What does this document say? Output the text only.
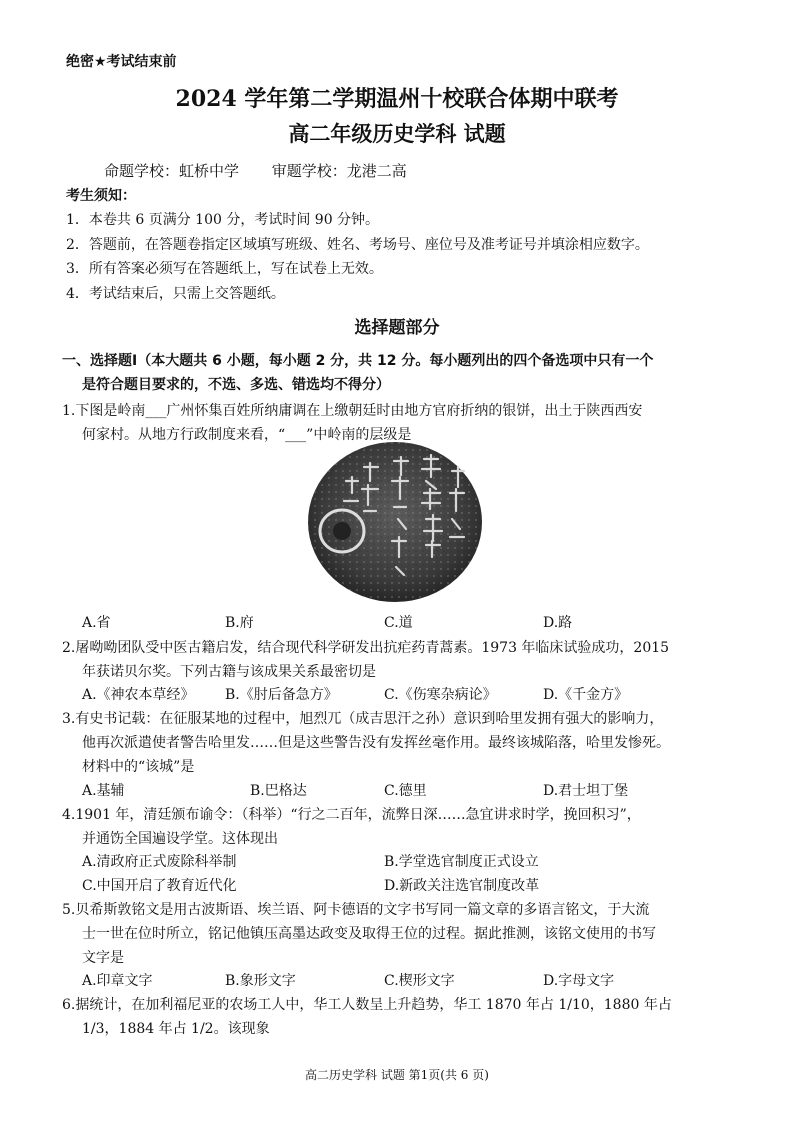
绝密★考试结束前
2024 学年第二学期温州十校联合体期中联考
高二年级历史学科 试题
命题学校：虹桥中学 审题学校：龙港二高
考生须知：
1．本卷共 6 页满分 100 分，考试时间 90 分钟。
2．答题前，在答题卷指定区域填写班级、姓名、考场号、座位号及准考证号并填涂相应数字。
3．所有答案必须写在答题纸上，写在试卷上无效。
4．考试结束后，只需上交答题纸。
选择题部分
一、选择题Ⅰ（本大题共 6 小题，每小题 2 分，共 12 分。每小题列出的四个备选项中只有一个
是符合题目要求的，不选、多选、错选均不得分）
1.下图是岭南___广州怀集百姓所纳庸调在上缴朝廷时由地方官府折纳的银饼，出土于陕西西安
何家村。从地方行政制度来看，“___”中岭南的层级是
A.省	B.府	C.道	D.路
2.屠呦呦团队受中医古籍启发，结合现代科学研发出抗疟药青蒿素。1973 年临床试验成功，2015
年获诺贝尔奖。下列古籍与该成果关系最密切是
A.《神农本草经》 B.《肘后备急方》	C.《伤寒杂病论》	D.《千金方》
3.有史书记载：在征服某地的过程中，旭烈兀（成吉思汗之孙）意识到哈里发拥有强大的影响力，
他再次派遣使者警告哈里发……但是这些警告没有发挥丝毫作用。最终该城陷落，哈里发惨死。
材料中的“该城”是
A.基辅	B.巴格达	C.德里	D.君士坦丁堡
4.1901 年，清廷颁布谕令：（科举）“行之二百年，流弊日深……急宜讲求时学，挽回积习”，
并通饬全国遍设学堂。这体现出
A.清政府正式废除科举制	B.学堂选官制度正式设立
C.中国开启了教育近代化	D.新政关注选官制度改革
5.贝希斯敦铭文是用古波斯语、埃兰语、阿卡德语的文字书写同一篇文章的多语言铭文，于大流
士一世在位时所立，铭记他镇压高墨达政变及取得王位的过程。据此推测，该铭文使用的书写
文字是
A.印章文字	B.象形文字	C.楔形文字	D.字母文字
6.据统计，在加利福尼亚的农场工人中，华工人数呈上升趋势，华工 1870 年占 1/10，1880 年占
1/3，1884 年占 1/2。该现象
高二历史学科 试题 第1页(共 6 页)
